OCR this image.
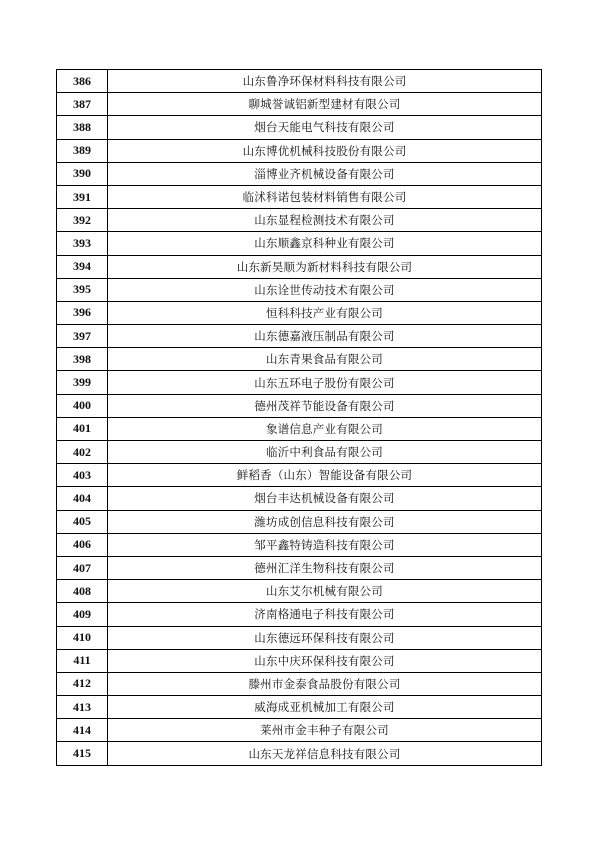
386	山东鲁净环保材料科技有限公司
387	聊城誉诚铝新型建材有限公司
388	烟台天能电气科技有限公司
389	山东博优机械科技股份有限公司
390	淄博业齐机械设备有限公司
391	临沭科诺包装材料销售有限公司
392	山东显程检测技术有限公司
393	山东顺鑫京科种业有限公司
394	山东新昊顺为新材料科技有限公司
395	山东诠世传动技术有限公司
396	恒科科技产业有限公司
397	山东德嘉液压制品有限公司
398	山东青果食品有限公司
399	山东五环电子股份有限公司
400	德州茂祥节能设备有限公司
401	象谱信息产业有限公司
402	临沂中利食品有限公司
403	鲜稻香（山东）智能设备有限公司
404	烟台丰达机械设备有限公司
405	潍坊成创信息科技有限公司
406	邹平鑫特铸造科技有限公司
407	德州汇洋生物科技有限公司
408	山东艾尔机械有限公司
409	济南格通电子科技有限公司
410	山东德远环保科技有限公司
411	山东中庆环保科技有限公司
412	滕州市金泰食品股份有限公司
413	威海成亚机械加工有限公司
414	莱州市金丰种子有限公司
415	山东天龙祥信息科技有限公司
